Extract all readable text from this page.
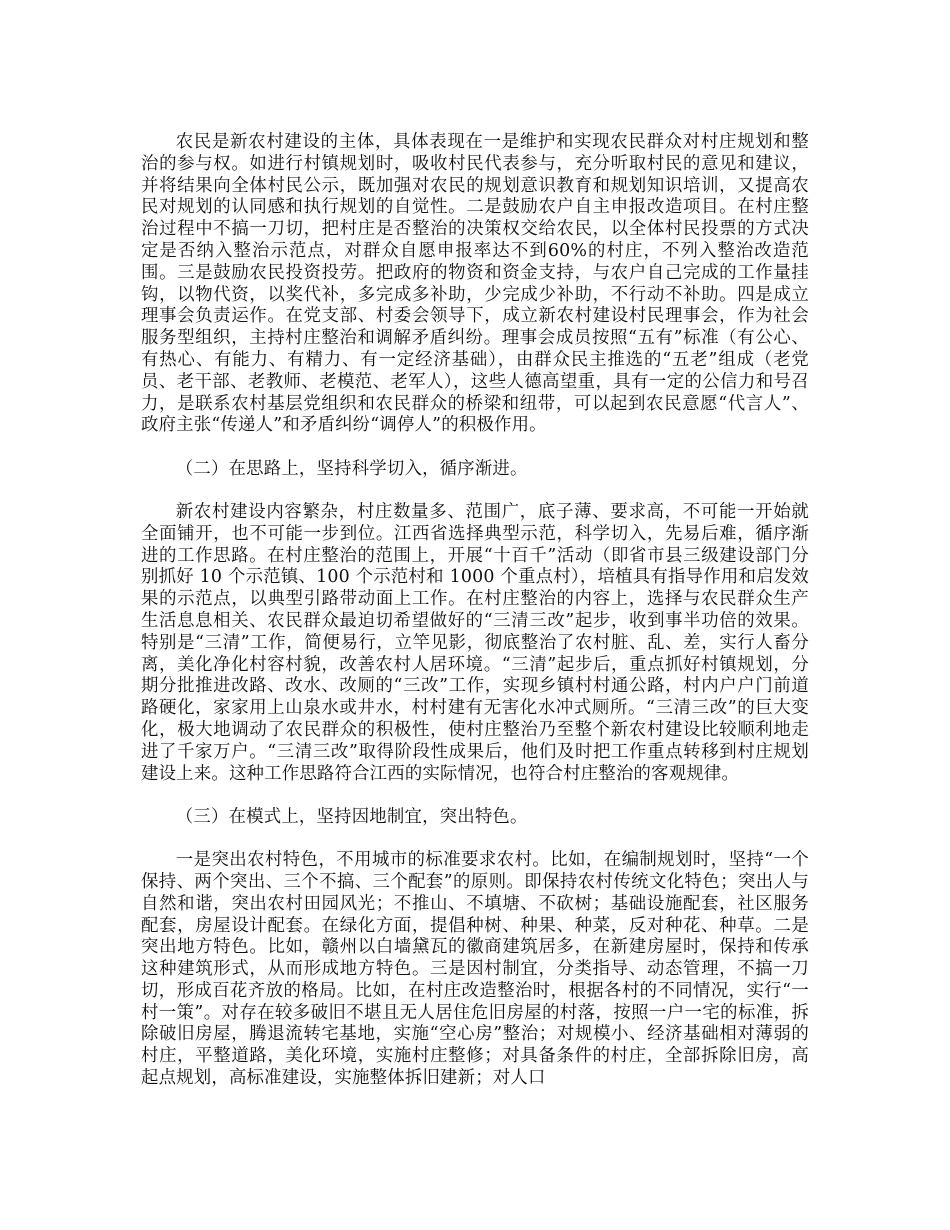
农民是新农村建设的主体，具体表现在一是维护和实现农民群众对村庄规划和整治的参与权。如进行村镇规划时，吸收村民代表参与，充分听取村民的意见和建议，并将结果向全体村民公示，既加强对农民的规划意识教育和规划知识培训，又提高农民对规划的认同感和执行规划的自觉性。二是鼓励农户自主申报改造项目。在村庄整治过程中不搞一刀切，把村庄是否整治的决策权交给农民，以全体村民投票的方式决定是否纳入整治示范点，对群众自愿申报率达不到60%的村庄，不列入整治改造范围。三是鼓励农民投资投劳。把政府的物资和资金支持，与农户自己完成的工作量挂钩，以物代资，以奖代补，多完成多补助，少完成少补助，不行动不补助。四是成立理事会负责运作。在党支部、村委会领导下，成立新农村建设村民理事会，作为社会服务型组织，主持村庄整治和调解矛盾纠纷。理事会成员按照“五有”标准（有公心、有热心、有能力、有精力、有一定经济基础），由群众民主推选的“五老”组成（老党员、老干部、老教师、老模范、老军人），这些人德高望重，具有一定的公信力和号召力，是联系农村基层党组织和农民群众的桥梁和纽带，可以起到农民意愿“代言人”、政府主张“传递人”和矛盾纠纷“调停人”的积极作用。

（二）在思路上，坚持科学切入，循序渐进。

新农村建设内容繁杂，村庄数量多、范围广，底子薄、要求高，不可能一开始就全面铺开，也不可能一步到位。江西省选择典型示范，科学切入，先易后难，循序渐进的工作思路。在村庄整治的范围上，开展“十百千”活动（即省市县三级建设部门分别抓好 10 个示范镇、100 个示范村和 1000 个重点村），培植具有指导作用和启发效果的示范点，以典型引路带动面上工作。在村庄整治的内容上，选择与农民群众生产生活息息相关、农民群众最迫切希望做好的“三清三改”起步，收到事半功倍的效果。特别是“三清”工作，简便易行，立竿见影，彻底整治了农村脏、乱、差，实行人畜分离，美化净化村容村貌，改善农村人居环境。“三清”起步后，重点抓好村镇规划，分期分批推进改路、改水、改厕的“三改”工作，实现乡镇村村通公路，村内户户门前道路硬化，家家用上山泉水或井水，村村建有无害化水冲式厕所。“三清三改”的巨大变化，极大地调动了农民群众的积极性，使村庄整治乃至整个新农村建设比较顺利地走进了千家万户。“三清三改”取得阶段性成果后，他们及时把工作重点转移到村庄规划建设上来。这种工作思路符合江西的实际情况，也符合村庄整治的客观规律。

（三）在模式上，坚持因地制宜，突出特色。

一是突出农村特色，不用城市的标准要求农村。比如，在编制规划时，坚持“一个保持、两个突出、三个不搞、三个配套”的原则。即保持农村传统文化特色；突出人与自然和谐，突出农村田园风光；不推山、不填塘、不砍树；基础设施配套，社区服务配套，房屋设计配套。在绿化方面，提倡种树、种果、种菜，反对种花、种草。二是突出地方特色。比如，赣州以白墙黛瓦的徽商建筑居多，在新建房屋时，保持和传承这种建筑形式，从而形成地方特色。三是因村制宜，分类指导、动态管理，不搞一刀切，形成百花齐放的格局。比如，在村庄改造整治时，根据各村的不同情况，实行“一村一策”。对存在较多破旧不堪且无人居住危旧房屋的村落，按照一户一宅的标准，拆除破旧房屋，腾退流转宅基地，实施“空心房”整治；对规模小、经济基础相对薄弱的村庄，平整道路，美化环境，实施村庄整修；对具备条件的村庄，全部拆除旧房，高起点规划，高标准建设，实施整体拆旧建新；对人口
